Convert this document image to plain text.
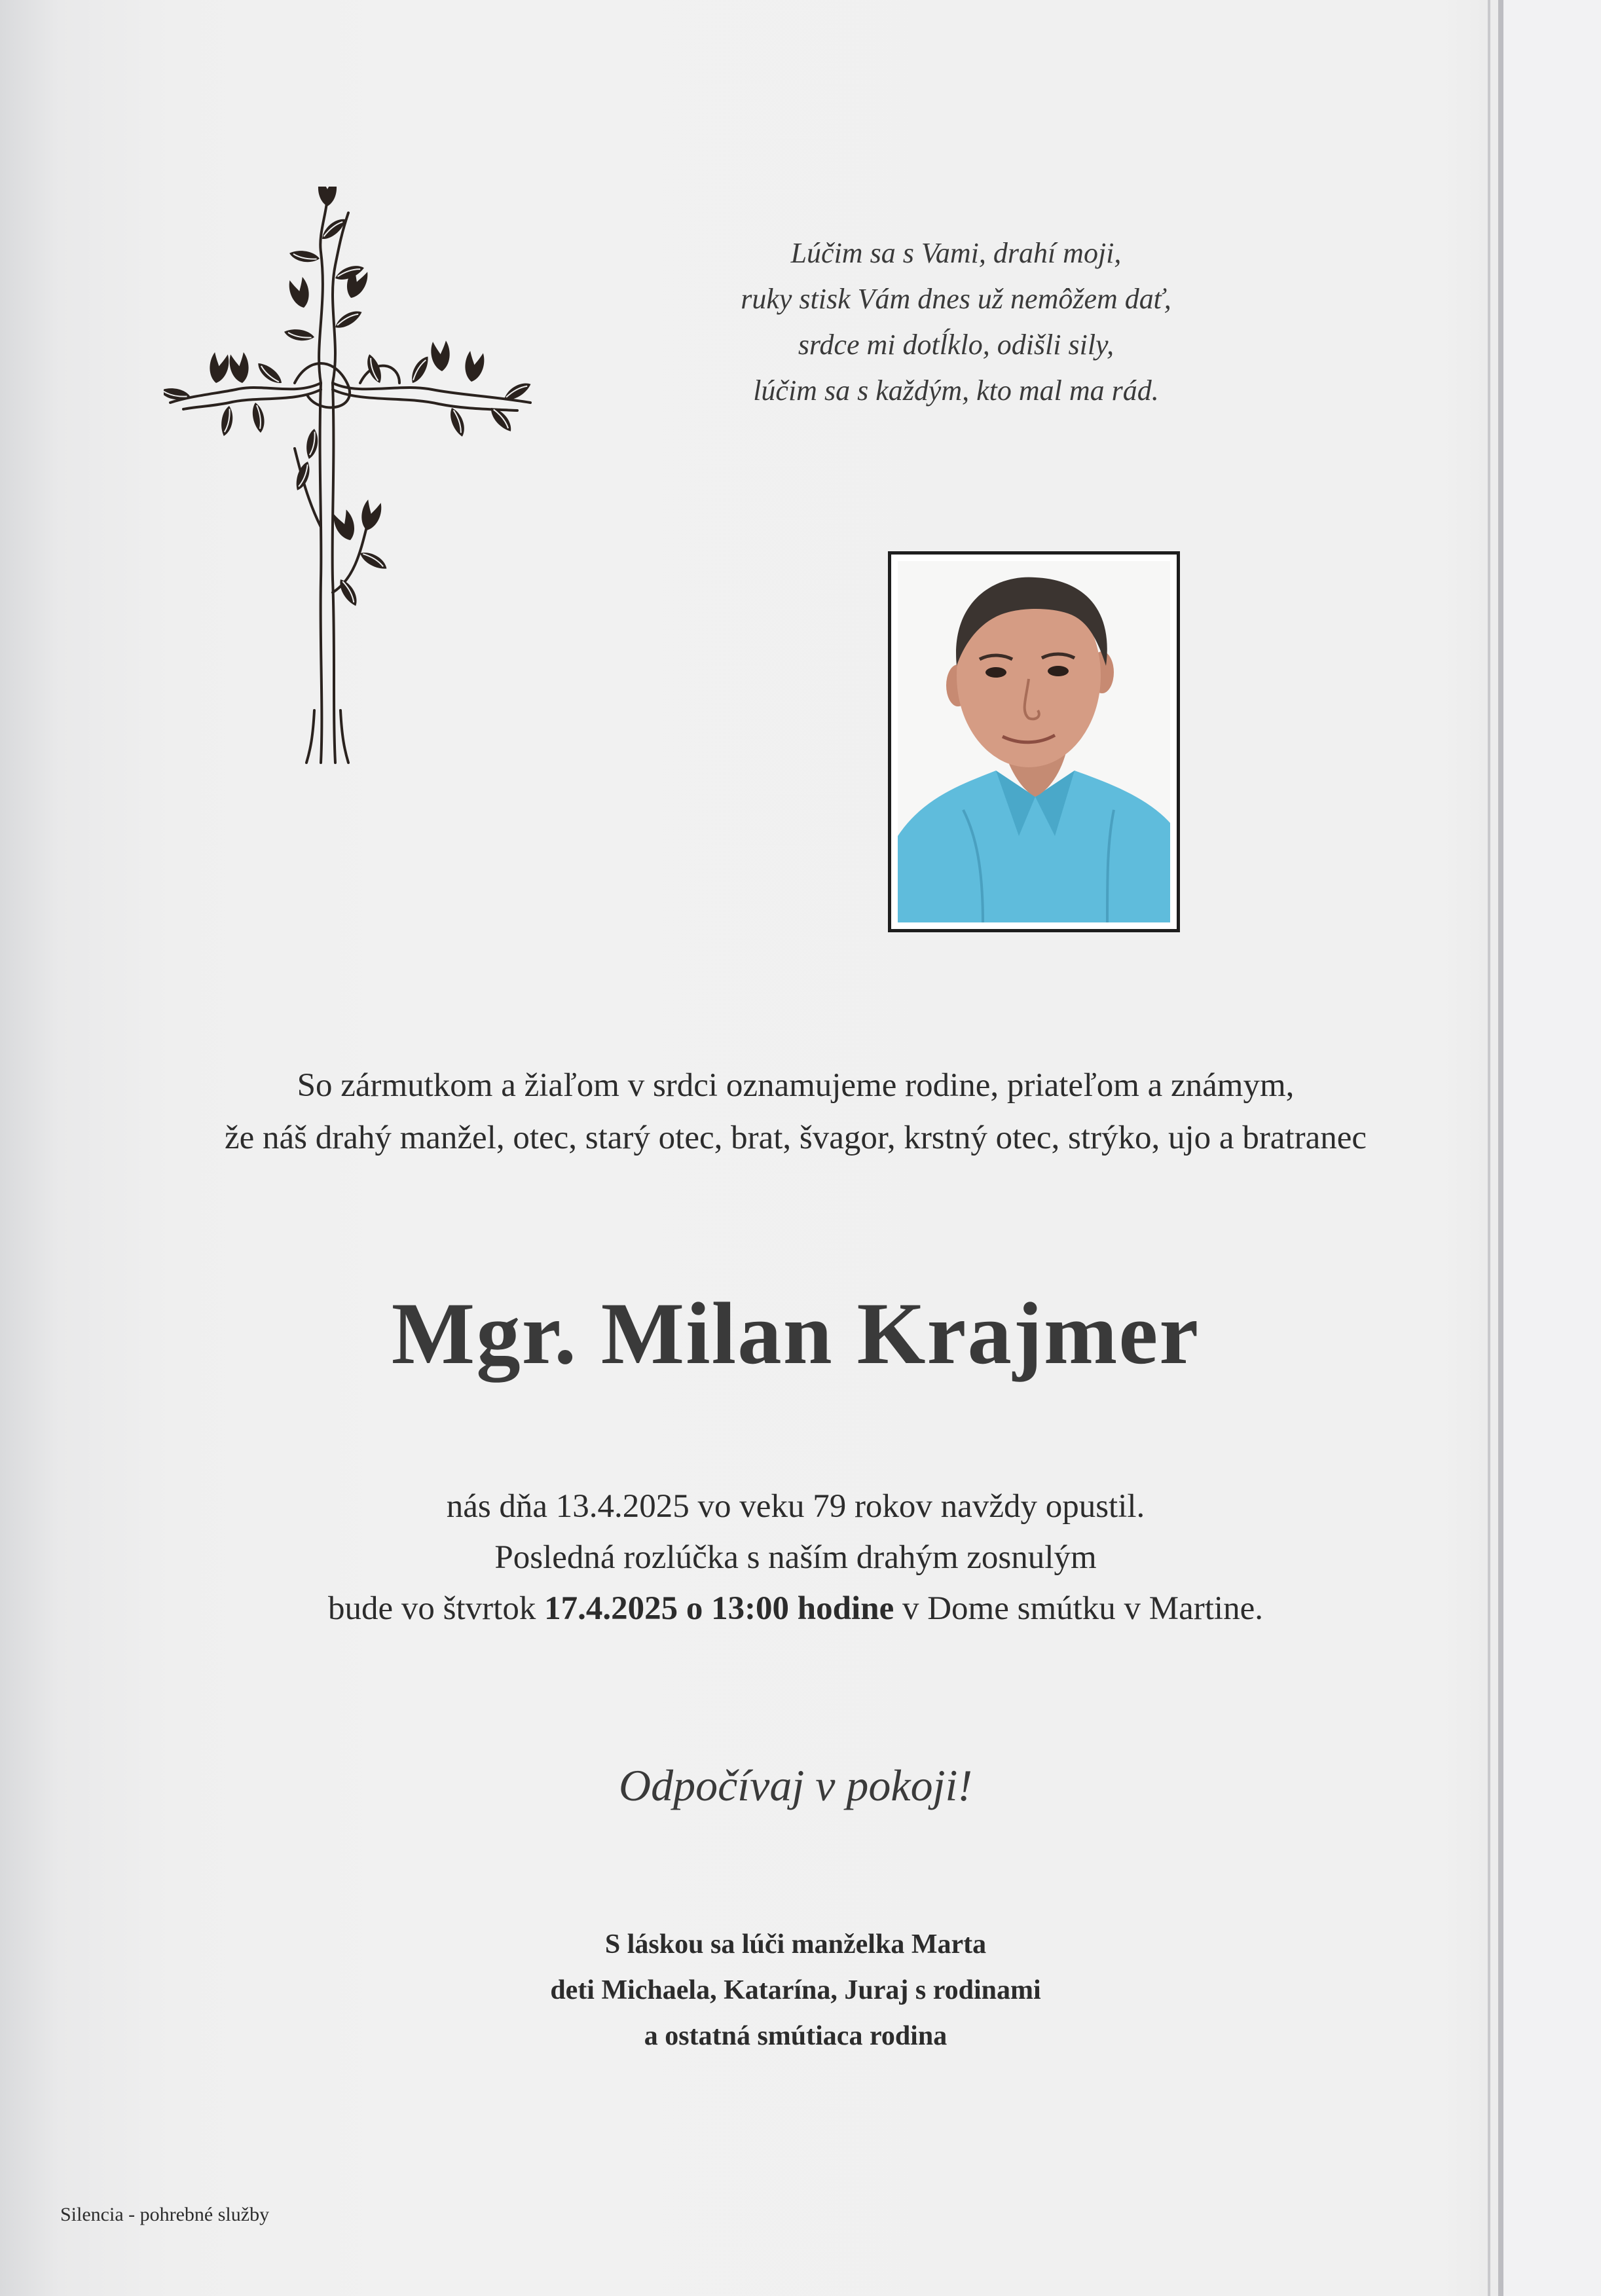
Lúčim sa s Vami, drahí moji,
ruky stisk Vám dnes už nemôžem dať,
srdce mi dotĺklo, odišli sily,
lúčim sa s každým, kto mal ma rád.
So zármutkom a žiaľom v srdci oznamujeme rodine, priateľom a známym,
že náš drahý manžel, otec, starý otec, brat, švagor, krstný otec, strýko, ujo a bratranec
Mgr. Milan Krajmer
nás dňa 13.4.2025 vo veku 79 rokov navždy opustil.
Posledná rozlúčka s naším drahým zosnulým
bude vo štvrtok 17.4.2025 o 13:00 hodine v Dome smútku v Martine.
Odpočívaj v pokoji!
S láskou sa lúči manželka Marta
deti Michaela, Katarína, Juraj s rodinami
a ostatná smútiaca rodina
Silencia - pohrebné služby
